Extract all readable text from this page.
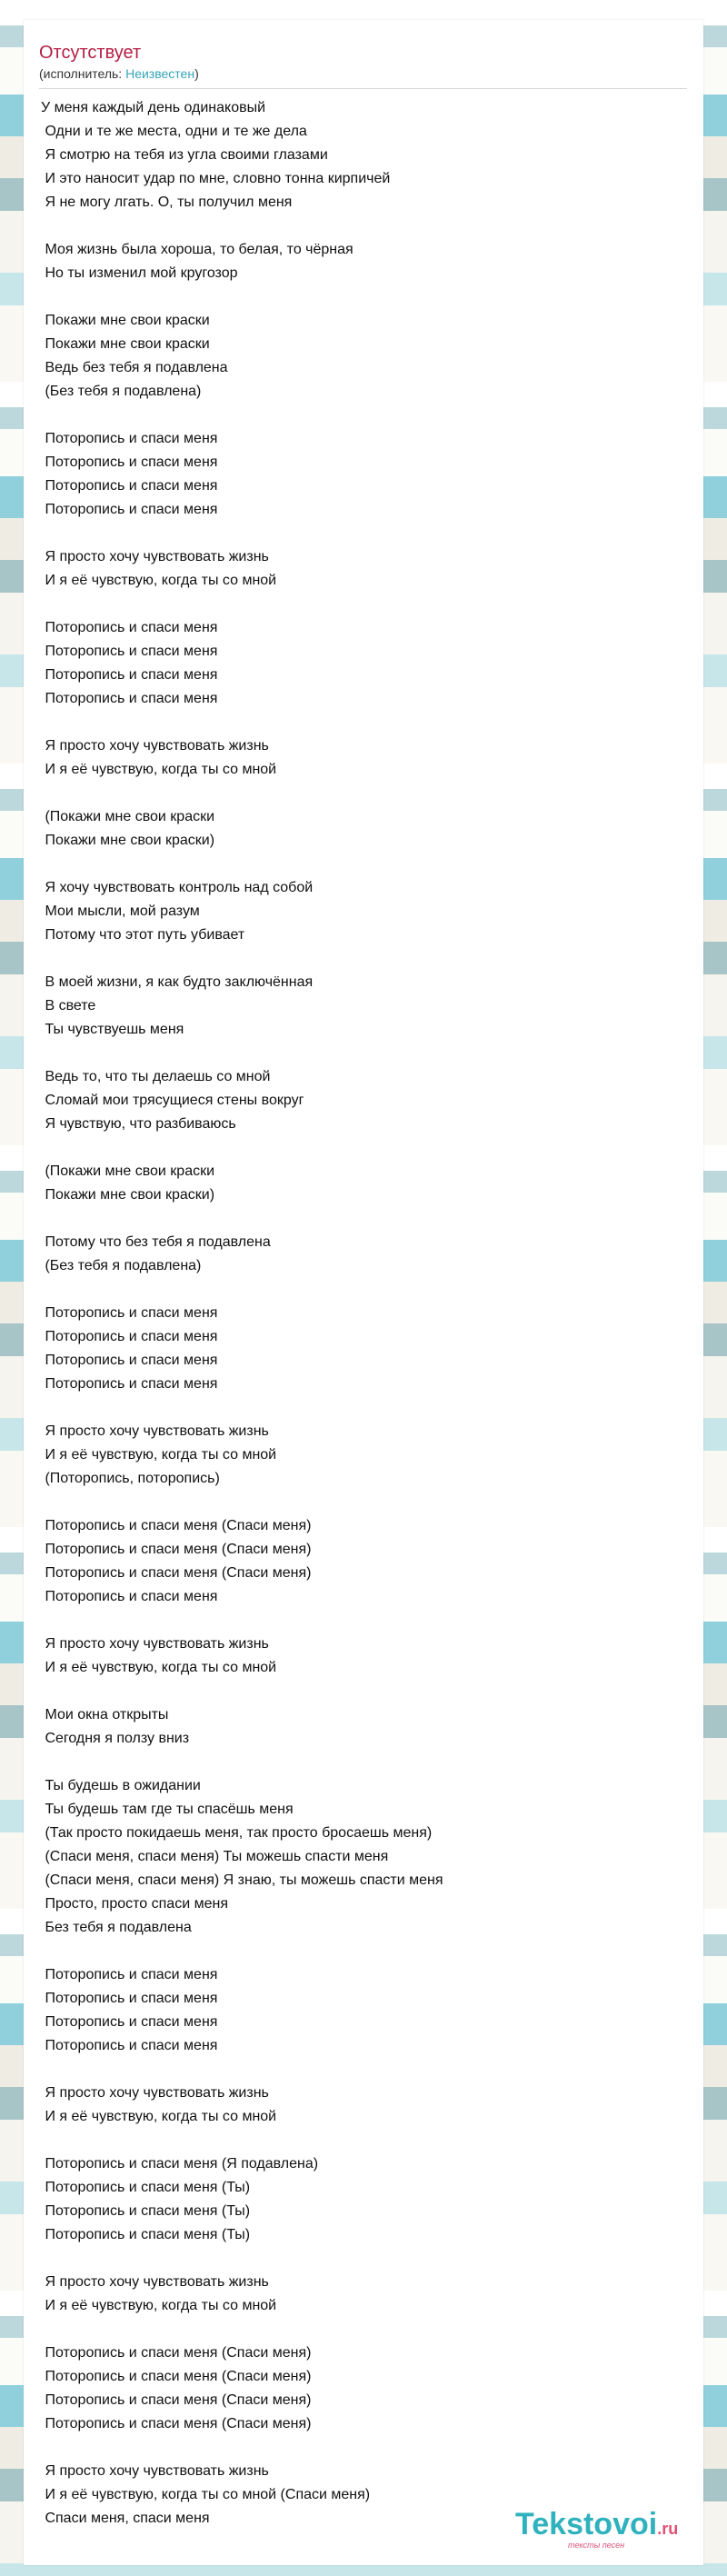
Отсутствует
(исполнитель: Неизвестен)
У меня каждый день одинаковый
Одни и те же места, одни и те же дела
Я смотрю на тебя из угла своими глазами
И это наносит удар по мне, словно тонна кирпичей
Я не могу лгать. О, ты получил меня
Моя жизнь была хороша, то белая, то чёрная
Но ты изменил мой кругозор
Покажи мне свои краски
Покажи мне свои краски
Ведь без тебя я подавлена
(Без тебя я подавлена)
Поторопись и спаси меня
Поторопись и спаси меня
Поторопись и спаси меня
Поторопись и спаси меня
Я просто хочу чувствовать жизнь
И я её чувствую, когда ты со мной
Поторопись и спаси меня
Поторопись и спаси меня
Поторопись и спаси меня
Поторопись и спаси меня
Я просто хочу чувствовать жизнь
И я её чувствую, когда ты со мной
(Покажи мне свои краски
Покажи мне свои краски)
Я хочу чувствовать контроль над собой
Мои мысли, мой разум
Потому что этот путь убивает
В моей жизни, я как будто заключённая
В свете
Ты чувствуешь меня
Ведь то, что ты делаешь со мной
Сломай мои трясущиеся стены вокруг
Я чувствую, что разбиваюсь
(Покажи мне свои краски
Покажи мне свои краски)
Потому что без тебя я подавлена
(Без тебя я подавлена)
Поторопись и спаси меня
Поторопись и спаси меня
Поторопись и спаси меня
Поторопись и спаси меня
Я просто хочу чувствовать жизнь
И я её чувствую, когда ты со мной
(Поторопись, поторопись)
Поторопись и спаси меня (Спаси меня)
Поторопись и спаси меня (Спаси меня)
Поторопись и спаси меня (Спаси меня)
Поторопись и спаси меня
Я просто хочу чувствовать жизнь
И я её чувствую, когда ты со мной
Мои окна открыты
Сегодня я ползу вниз
Ты будешь в ожидании
Ты будешь там где ты спасёшь меня
(Так просто покидаешь меня, так просто бросаешь меня)
(Спаси меня, спаси меня) Ты можешь спасти меня
(Спаси меня, спаси меня) Я знаю, ты можешь спасти меня
Просто, просто спаси меня
Без тебя я подавлена
Поторопись и спаси меня
Поторопись и спаси меня
Поторопись и спаси меня
Поторопись и спаси меня
Я просто хочу чувствовать жизнь
И я её чувствую, когда ты со мной
Поторопись и спаси меня (Я подавлена)
Поторопись и спаси меня (Ты)
Поторопись и спаси меня (Ты)
Поторопись и спаси меня (Ты)
Я просто хочу чувствовать жизнь
И я её чувствую, когда ты со мной
Поторопись и спаси меня (Спаси меня)
Поторопись и спаси меня (Спаси меня)
Поторопись и спаси меня (Спаси меня)
Поторопись и спаси меня (Спаси меня)
Я просто хочу чувствовать жизнь
И я её чувствую, когда ты со мной (Спаси меня)
Спаси меня, спаси меня	Tekstovoi.ru
тексты песен
